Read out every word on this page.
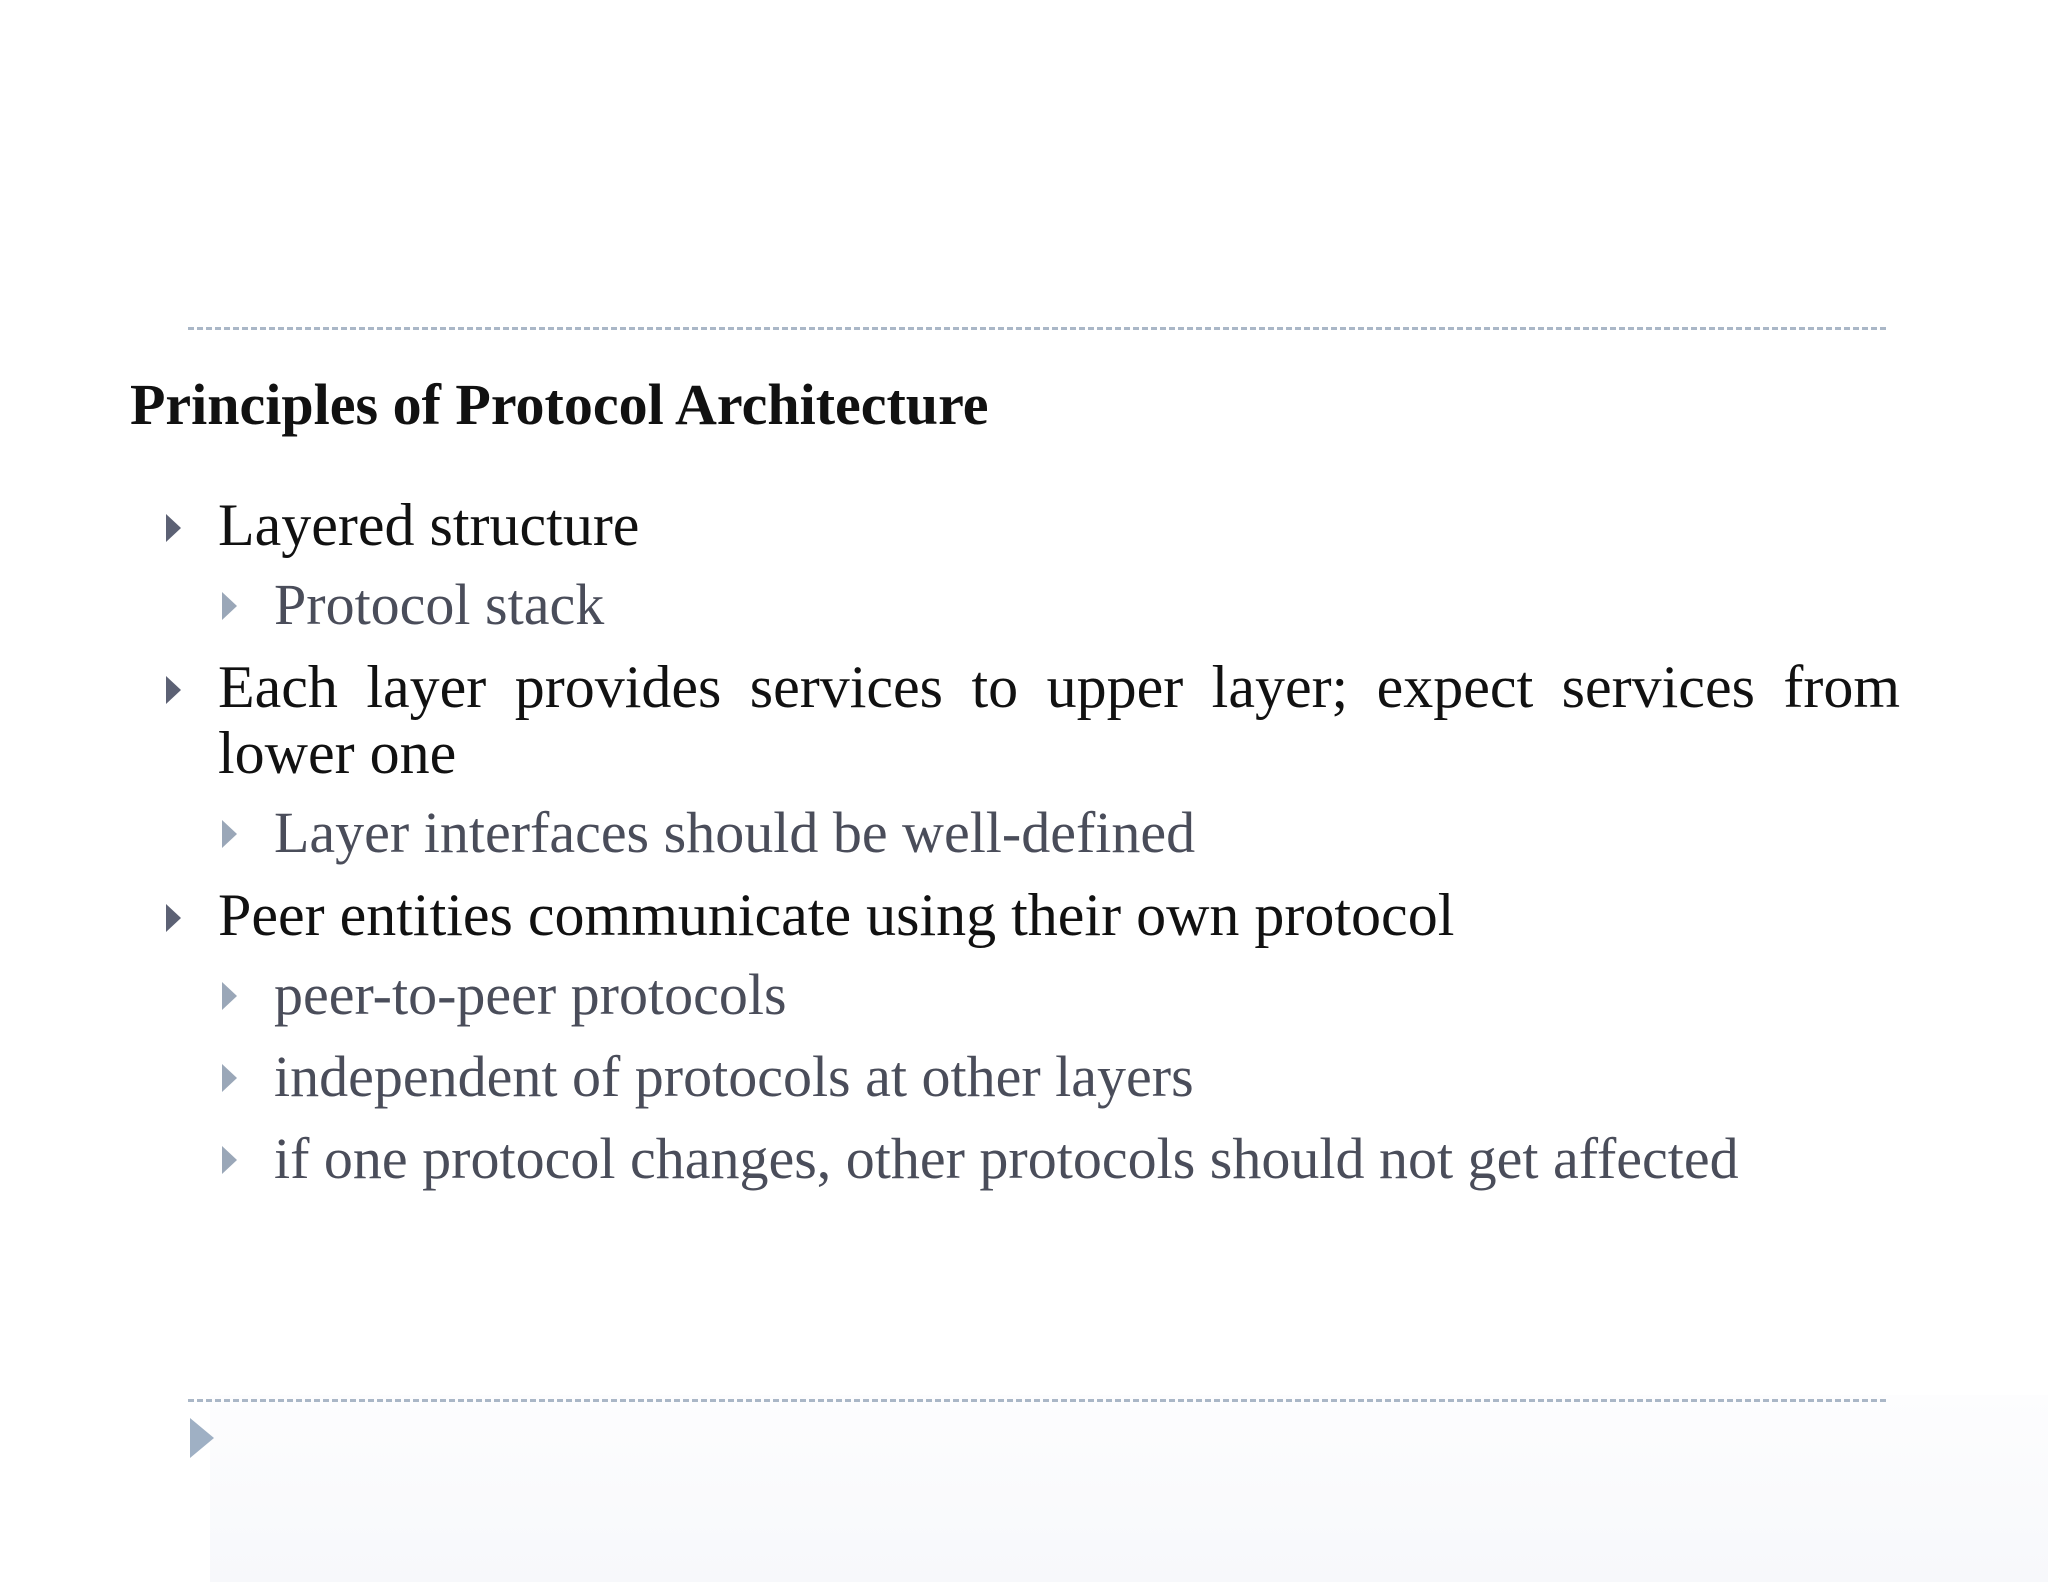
Principles of Protocol Architecture
Layered structure
Protocol stack
Each layer provides services to upper layer; expect services from lower one
Layer interfaces should be well-defined
Peer entities communicate using their own protocol
peer-to-peer protocols
independent of protocols at other layers
if one protocol changes, other protocols should not get affected
